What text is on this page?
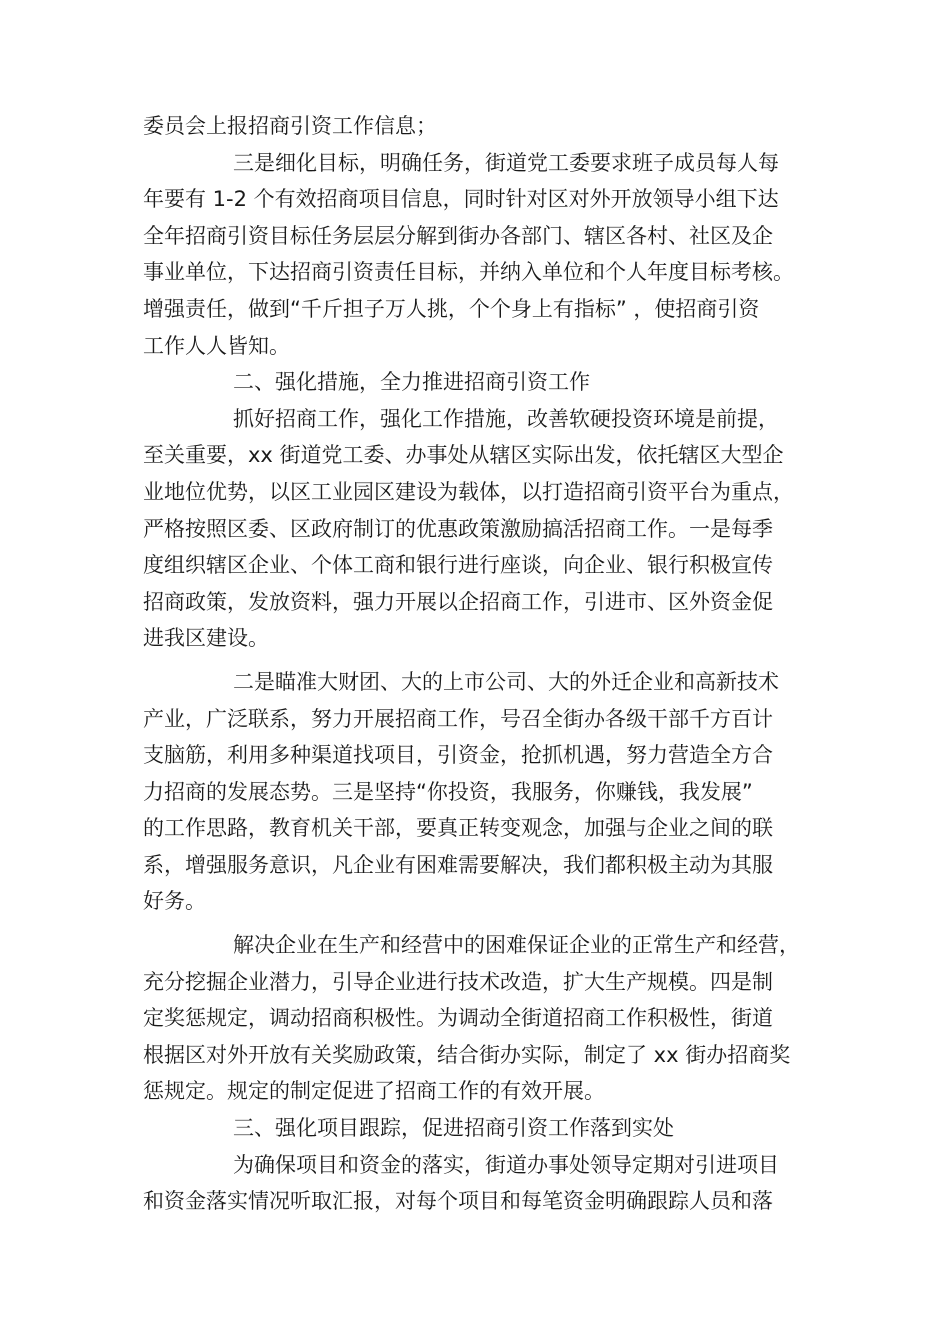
委员会上报招商引资工作信息；
三是细化目标，明确任务，街道党工委要求班子成员每人每
年要有 1-2 个有效招商项目信息，同时针对区对外开放领导小组下达
全年招商引资目标任务层层分解到街办各部门、辖区各村、社区及企
事业单位，下达招商引资责任目标，并纳入单位和个人年度目标考核。
增强责任，做到“千斤担子万人挑，个个身上有指标” ，使招商引资
工作人人皆知。
二、强化措施，全力推进招商引资工作
抓好招商工作，强化工作措施，改善软硬投资环境是前提，
至关重要，xx 街道党工委、办事处从辖区实际出发，依托辖区大型企
业地位优势，以区工业园区建设为载体，以打造招商引资平台为重点，
严格按照区委、区政府制订的优惠政策激励搞活招商工作。一是每季
度组织辖区企业、个体工商和银行进行座谈，向企业、银行积极宣传
招商政策，发放资料，强力开展以企招商工作，引进市、区外资金促
进我区建设。
二是瞄准大财团、大的上市公司、大的外迁企业和高新技术
产业，广泛联系，努力开展招商工作，号召全街办各级干部千方百计
支脑筋，利用多种渠道找项目，引资金，抢抓机遇，努力营造全方合
力招商的发展态势。三是坚持“你投资，我服务，你赚钱，我发展”
的工作思路，教育机关干部，要真正转变观念，加强与企业之间的联
系，增强服务意识，凡企业有困难需要解决，我们都积极主动为其服
好务。
解决企业在生产和经营中的困难保证企业的正常生产和经营，
充分挖掘企业潜力，引导企业进行技术改造，扩大生产规模。四是制
定奖惩规定，调动招商积极性。为调动全街道招商工作积极性，街道
根据区对外开放有关奖励政策，结合街办实际，制定了 xx 街办招商奖
惩规定。规定的制定促进了招商工作的有效开展。
三、强化项目跟踪，促进招商引资工作落到实处
为确保项目和资金的落实，街道办事处领导定期对引进项目
和资金落实情况听取汇报，对每个项目和每笔资金明确跟踪人员和落
